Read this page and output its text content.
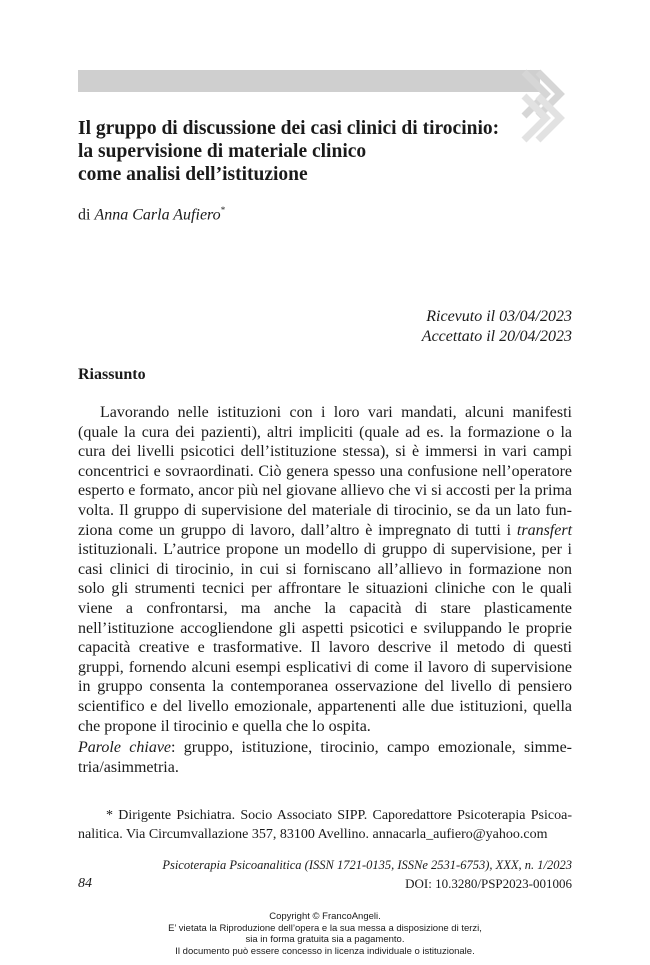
Il gruppo di discussione dei casi clinici di tirocinio:
la supervisione di materiale clinico
come analisi dell’istituzione
di Anna Carla Aufiero*
Ricevuto il 03/04/2023
Accettato il 20/04/2023
Riassunto

Lavorando nelle istituzioni con i loro vari mandati, alcuni manifesti (quale la cura dei pazienti), altri impliciti (quale ad es. la formazione o la cura dei livelli psicotici dell’istituzione stessa), si è immersi in vari campi concentrici e sovraordinati. Ciò genera spesso una confusione nell’operatore esperto e formato, ancor più nel giovane allievo che vi si accosti per la prima volta. Il gruppo di supervisione del materiale di tirocinio, se da un lato funziona come un gruppo di lavoro, dall’altro è impregnato di tutti i transfert istituzionali. L’autrice propone un modello di gruppo di supervisione, per i casi clinici di tirocinio, in cui si forniscano all’allievo in formazione non solo gli strumenti tecnici per affrontare le situazioni cliniche con le quali viene a confrontarsi, ma anche la capacità di stare plasticamente nell’istituzione accogliendone gli aspetti psicotici e sviluppando le proprie capacità creative e trasformative. Il lavoro descrive il metodo di questi gruppi, fornendo alcuni esempi esplicativi di come il lavoro di supervisione in gruppo consenta la contemporanea osservazione del livello di pensiero scientifico e del livello emozionale, appartenenti alle due istituzioni, quella che propone il tirocinio e quella che lo ospita.

Parole chiave: gruppo, istituzione, tirocinio, campo emozionale, simmetria/asimmetria.

* Dirigente Psichiatra. Socio Associato SIPP. Caporedattore Psicoterapia Psicoanalitica. Via Circumvallazione 357, 83100 Avellino. annacarla_aufiero@yahoo.com

Psicoterapia Psicoanalitica (ISSN 1721-0135, ISSNe 2531-6753), XXX, n. 1/2023
84	DOI: 10.3280/PSP2023-001006
Copyright © FrancoAngeli.
E’ vietata la Riproduzione dell’opera e la sua messa a disposizione di terzi,
sia in forma gratuita sia a pagamento.
Il documento può essere concesso in licenza individuale o istituzionale.
